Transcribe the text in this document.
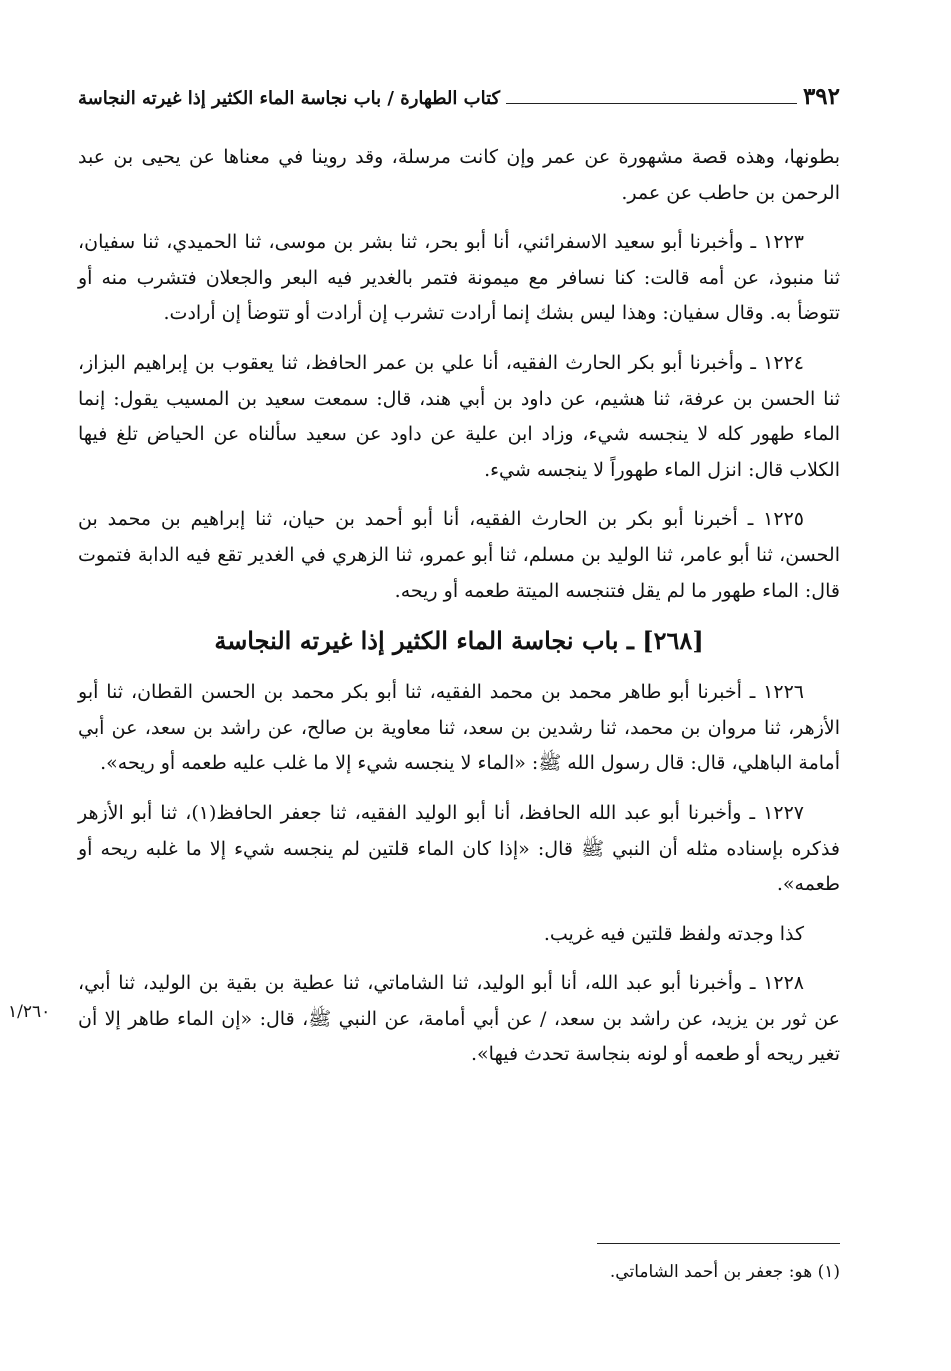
٣٩٢
كتاب الطهارة / باب نجاسة الماء الكثير إذا غيرته النجاسة

بطونها، وهذه قصة مشهورة عن عمر وإن كانت مرسلة، وقد روينا في معناها عن يحيى بن عبد الرحمن بن حاطب عن عمر.

١٢٢٣ ـ وأخبرنا أبو سعيد الاسفرائني، أنا أبو بحر، ثنا بشر بن موسى، ثنا الحميدي، ثنا سفيان، ثنا منبوذ، عن أمه قالت: كنا نسافر مع ميمونة فتمر بالغدير فيه البعر والجعلان فتشرب منه أو تتوضأ به. وقال سفيان: وهذا ليس بشك إنما أرادت تشرب إن أرادت أو تتوضأ إن أرادت.

١٢٢٤ ـ وأخبرنا أبو بكر الحارث الفقيه، أنا علي بن عمر الحافظ، ثنا يعقوب بن إبراهيم البزاز، ثنا الحسن بن عرفة، ثنا هشيم، عن داود بن أبي هند، قال: سمعت سعيد بن المسيب يقول: إنما الماء طهور كله لا ينجسه شيء، وزاد ابن علية عن داود عن سعيد سألناه عن الحياض تلغ فيها الكلاب قال: انزل الماء طهوراً لا ينجسه شيء.

١٢٢٥ ـ أخبرنا أبو بكر بن الحارث الفقيه، أنا أبو أحمد بن حيان، ثنا إبراهيم بن محمد بن الحسن، ثنا أبو عامر، ثنا الوليد بن مسلم، ثنا أبو عمرو، ثنا الزهري في الغدير تقع فيه الدابة فتموت قال: الماء طهور ما لم يقل فتنجسه الميتة طعمه أو ريحه.

[٢٦٨] ـ باب نجاسة الماء الكثير إذا غيرته النجاسة

١٢٢٦ ـ أخبرنا أبو طاهر محمد بن محمد الفقيه، ثنا أبو بكر محمد بن الحسن القطان، ثنا أبو الأزهر، ثنا مروان بن محمد، ثنا رشدين بن سعد، ثنا معاوية بن صالح، عن راشد بن سعد، عن أبي أمامة الباهلي، قال: قال رسول الله ﷺ: «الماء لا ينجسه شيء إلا ما غلب عليه طعمه أو ريحه».

١٢٢٧ ـ وأخبرنا أبو عبد الله الحافظ، أنا أبو الوليد الفقيه، ثنا جعفر الحافظ(١)، ثنا أبو الأزهر فذكره بإسناده مثله أن النبي ﷺ قال: «إذا كان الماء قلتين لم ينجسه شيء إلا ما غلبه ريحه أو طعمه».

كذا وجدته ولفظ قلتين فيه غريب.

١/٢٦٠

١٢٢٨ ـ وأخبرنا أبو عبد الله، أنا أبو الوليد، ثنا الشاماتي، ثنا عطية بن بقية بن الوليد، ثنا أبي، عن ثور بن يزيد، عن راشد بن سعد، / عن أبي أمامة، عن النبي ﷺ، قال: «إن الماء طاهر إلا أن تغير ريحه أو طعمه أو لونه بنجاسة تحدث فيها».

(١) هو: جعفر بن أحمد الشاماتي.
